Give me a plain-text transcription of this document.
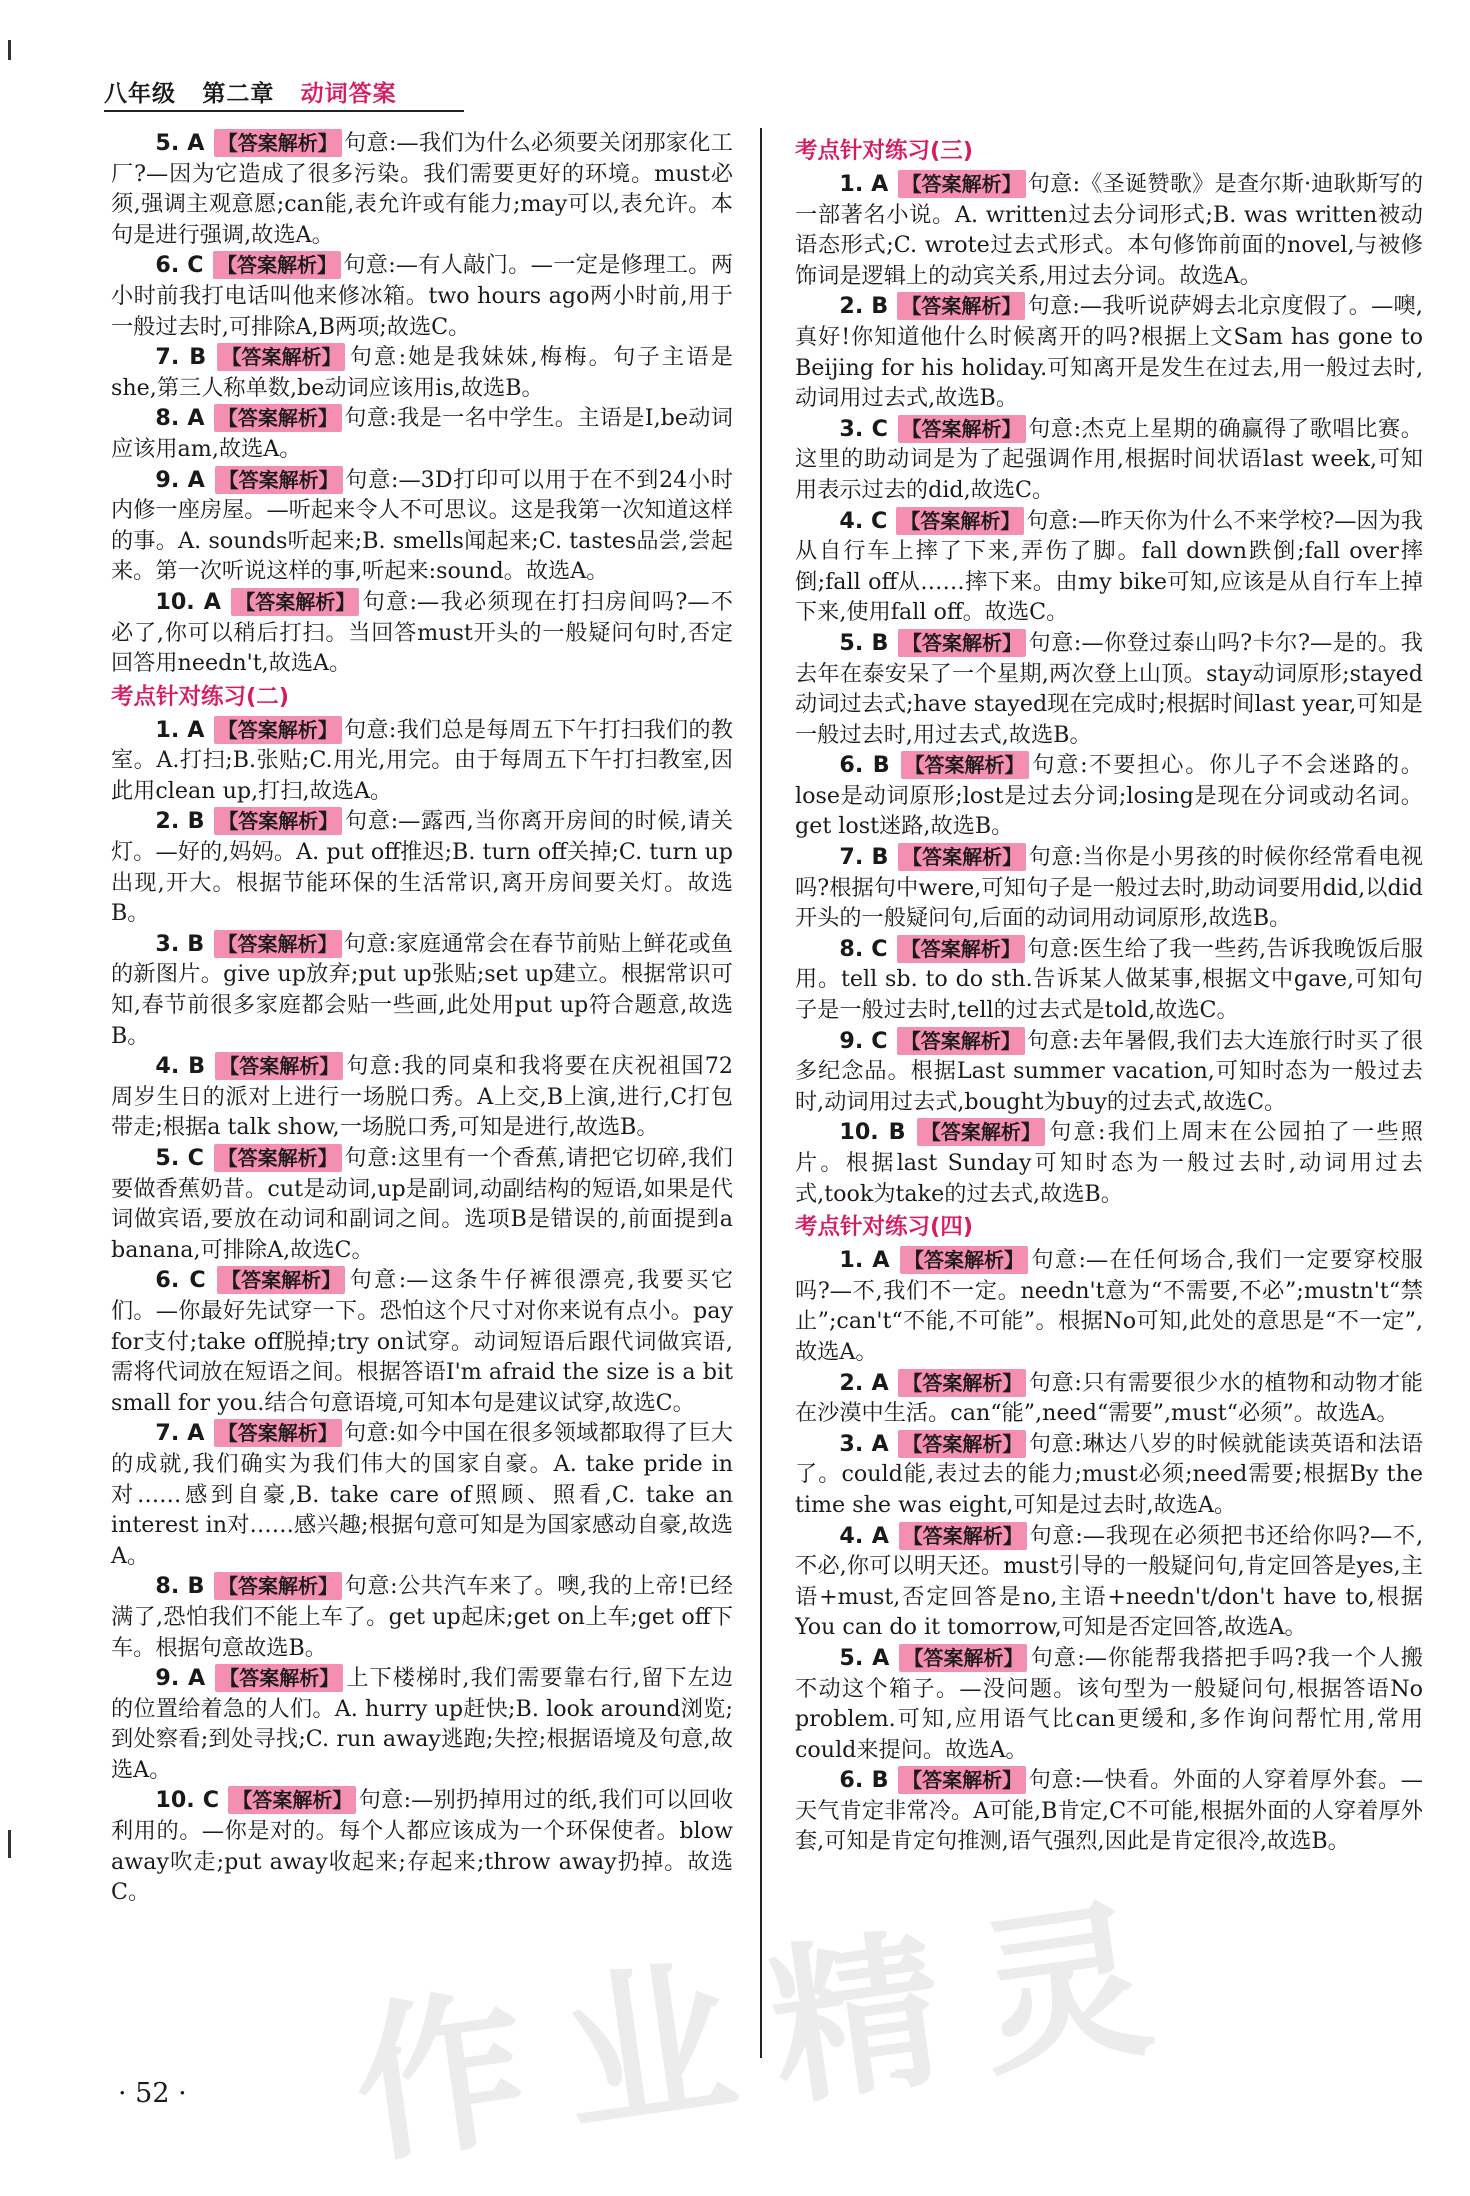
八年级 第二章 动词答案

5. A 【答案解析】 句意:—我们为什么必须要关闭那家化工厂?—因为它造成了很多污染。我们需要更好的环境。must必须,强调主观意愿;can能,表允许或有能力;may可以,表允许。本句是进行强调,故选A。

6. C 【答案解析】 句意:—有人敲门。—一定是修理工。两小时前我打电话叫他来修冰箱。two hours ago两小时前,用于一般过去时,可排除A,B两项;故选C。

7. B 【答案解析】 句意:她是我妹妹,梅梅。句子主语是she,第三人称单数,be动词应该用is,故选B。

8. A 【答案解析】 句意:我是一名中学生。主语是I,be动词应该用am,故选A。

9. A 【答案解析】 句意:—3D打印可以用于在不到24小时内修一座房屋。—听起来令人不可思议。这是我第一次知道这样的事。A. sounds听起来;B. smells闻起来;C. tastes品尝,尝起来。第一次听说这样的事,听起来:sound。故选A。

10. A 【答案解析】 句意:—我必须现在打扫房间吗?—不必了,你可以稍后打扫。当回答must开头的一般疑问句时,否定回答用needn't,故选A。

考点针对练习(二)

1. A 【答案解析】 句意:我们总是每周五下午打扫我们的教室。A.打扫;B.张贴;C.用光,用完。由于每周五下午打扫教室,因此用clean up,打扫,故选A。

2. B 【答案解析】 句意:—露西,当你离开房间的时候,请关灯。—好的,妈妈。A. put off推迟;B. turn off关掉;C. turn up出现,开大。根据节能环保的生活常识,离开房间要关灯。故选B。

3. B 【答案解析】 句意:家庭通常会在春节前贴上鲜花或鱼的新图片。give up放弃;put up张贴;set up建立。根据常识可知,春节前很多家庭都会贴一些画,此处用put up符合题意,故选B。

4. B 【答案解析】 句意:我的同桌和我将要在庆祝祖国72周岁生日的派对上进行一场脱口秀。A上交,B上演,进行,C打包带走;根据a talk show,一场脱口秀,可知是进行,故选B。

5. C 【答案解析】 句意:这里有一个香蕉,请把它切碎,我们要做香蕉奶昔。cut是动词,up是副词,动副结构的短语,如果是代词做宾语,要放在动词和副词之间。选项B是错误的,前面提到a banana,可排除A,故选C。

6. C 【答案解析】 句意:—这条牛仔裤很漂亮,我要买它们。—你最好先试穿一下。恐怕这个尺寸对你来说有点小。pay for支付;take off脱掉;try on试穿。动词短语后跟代词做宾语,需将代词放在短语之间。根据答语I'm afraid the size is a bit small for you.结合句意语境,可知本句是建议试穿,故选C。

7. A 【答案解析】 句意:如今中国在很多领域都取得了巨大的成就,我们确实为我们伟大的国家自豪。A. take pride in对……感到自豪,B. take care of照顾、照看,C. take an interest in对……感兴趣;根据句意可知是为国家感动自豪,故选A。

8. B 【答案解析】 句意:公共汽车来了。噢,我的上帝!已经满了,恐怕我们不能上车了。get up起床;get on上车;get off下车。根据句意故选B。

9. A 【答案解析】 上下楼梯时,我们需要靠右行,留下左边的位置给着急的人们。A. hurry up赶快;B. look around浏览;到处察看;到处寻找;C. run away逃跑;失控;根据语境及句意,故选A。

10. C 【答案解析】 句意:—别扔掉用过的纸,我们可以回收利用的。—你是对的。每个人都应该成为一个环保使者。blow away吹走;put away收起来;存起来;throw away扔掉。故选C。

考点针对练习(三)

1. A 【答案解析】 句意:《圣诞赞歌》是查尔斯·迪耿斯写的一部著名小说。A. written过去分词形式;B. was written被动语态形式;C. wrote过去式形式。本句修饰前面的novel,与被修饰词是逻辑上的动宾关系,用过去分词。故选A。

2. B 【答案解析】 句意:—我听说萨姆去北京度假了。—噢,真好!你知道他什么时候离开的吗?根据上文Sam has gone to Beijing for his holiday.可知离开是发生在过去,用一般过去时,动词用过去式,故选B。

3. C 【答案解析】 句意:杰克上星期的确赢得了歌唱比赛。这里的助动词是为了起强调作用,根据时间状语last week,可知用表示过去的did,故选C。

4. C 【答案解析】 句意:—昨天你为什么不来学校?—因为我从自行车上摔了下来,弄伤了脚。fall down跌倒;fall over摔倒;fall off从……摔下来。由my bike可知,应该是从自行车上掉下来,使用fall off。故选C。

5. B 【答案解析】 句意:—你登过泰山吗?卡尔?—是的。我去年在泰安呆了一个星期,两次登上山顶。stay动词原形;stayed动词过去式;have stayed现在完成时;根据时间last year,可知是一般过去时,用过去式,故选B。

6. B 【答案解析】 句意:不要担心。你儿子不会迷路的。lose是动词原形;lost是过去分词;losing是现在分词或动名词。get lost迷路,故选B。

7. B 【答案解析】 句意:当你是小男孩的时候你经常看电视吗?根据句中were,可知句子是一般过去时,助动词要用did,以did开头的一般疑问句,后面的动词用动词原形,故选B。

8. C 【答案解析】 句意:医生给了我一些药,告诉我晚饭后服用。tell sb. to do sth.告诉某人做某事,根据文中gave,可知句子是一般过去时,tell的过去式是told,故选C。

9. C 【答案解析】 句意:去年暑假,我们去大连旅行时买了很多纪念品。根据Last summer vacation,可知时态为一般过去时,动词用过去式,bought为buy的过去式,故选C。

10. B 【答案解析】 句意:我们上周末在公园拍了一些照片。根据last Sunday可知时态为一般过去时,动词用过去式,took为take的过去式,故选B。

考点针对练习(四)

1. A 【答案解析】 句意:—在任何场合,我们一定要穿校服吗?—不,我们不一定。needn't意为“不需要,不必”;mustn't“禁止”;can't“不能,不可能”。根据No可知,此处的意思是“不一定”,故选A。

2. A 【答案解析】 句意:只有需要很少水的植物和动物才能在沙漠中生活。can“能”,need“需要”,must“必须”。故选A。

3. A 【答案解析】 句意:琳达八岁的时候就能读英语和法语了。could能,表过去的能力;must必须;need需要;根据By the time she was eight,可知是过去时,故选A。

4. A 【答案解析】 句意:—我现在必须把书还给你吗?—不,不必,你可以明天还。must引导的一般疑问句,肯定回答是yes,主语+must,否定回答是no,主语+needn't/don't have to,根据You can do it tomorrow,可知是否定回答,故选A。

5. A 【答案解析】 句意:—你能帮我搭把手吗?我一个人搬不动这个箱子。—没问题。该句型为一般疑问句,根据答语No problem.可知,应用语气比can更缓和,多作询问帮忙用,常用could来提问。故选A。

6. B 【答案解析】 句意:—快看。外面的人穿着厚外套。—天气肯定非常冷。A可能,B肯定,C不可能,根据外面的人穿着厚外套,可知是肯定句推测,语气强烈,因此是肯定很冷,故选B。

作业精灵
· 52 ·
